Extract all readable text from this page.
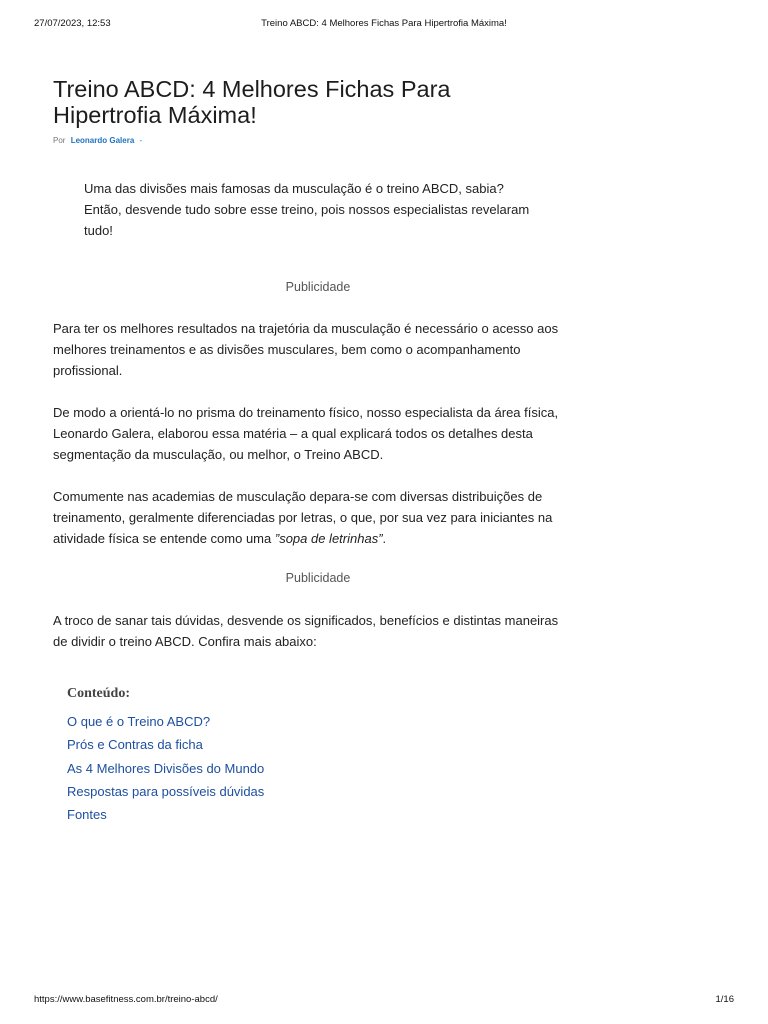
27/07/2023, 12:53	Treino ABCD: 4 Melhores Fichas Para Hipertrofia Máxima!
Treino ABCD: 4 Melhores Fichas Para
Hipertrofia Máxima!
Por Leonardo Galera -
Uma das divisões mais famosas da musculação é o treino ABCD, sabia?
Então, desvende tudo sobre esse treino, pois nossos especialistas revelaram
tudo!
Publicidade

Para ter os melhores resultados na trajetória da musculação é necessário o acesso aos
melhores treinamentos e as divisões musculares, bem como o acompanhamento
profissional.

De modo a orientá-lo no prisma do treinamento físico, nosso especialista da área física,
Leonardo Galera, elaborou essa matéria – a qual explicará todos os detalhes desta
segmentação da musculação, ou melhor, o Treino ABCD.

Comumente nas academias de musculação depara-se com diversas distribuições de
treinamento, geralmente diferenciadas por letras, o que, por sua vez para iniciantes na
atividade física se entende como uma ”sopa de letrinhas”.

Publicidade

A troco de sanar tais dúvidas, desvende os significados, benefícios e distintas maneiras
de dividir o treino ABCD. Confira mais abaixo:

Conteúdo:
O que é o Treino ABCD?
Prós e Contras da ficha
As 4 Melhores Divisões do Mundo
Respostas para possíveis dúvidas
Fontes
https://www.basefitness.com.br/treino-abcd/	1/16
